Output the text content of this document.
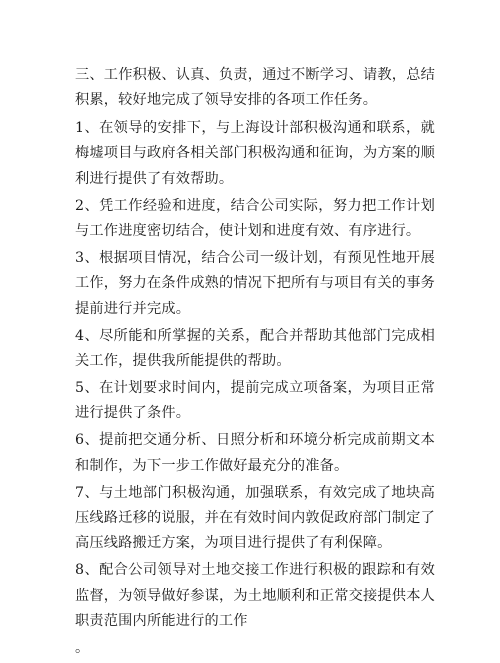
三、工作积极、认真、负责，通过不断学习、请教，总结积累，较好地完成了领导安排的各项工作任务。

1、在领导的安排下，与上海设计部积极沟通和联系，就梅墟项目与政府各相关部门积极沟通和征询，为方案的顺利进行提供了有效帮助。

2、凭工作经验和进度，结合公司实际，努力把工作计划与工作进度密切结合，使计划和进度有效、有序进行。

3、根据项目情况，结合公司一级计划，有预见性地开展工作，努力在条件成熟的情况下把所有与项目有关的事务提前进行并完成。

4、尽所能和所掌握的关系，配合并帮助其他部门完成相关工作，提供我所能提供的帮助。

5、在计划要求时间内，提前完成立项备案，为项目正常进行提供了条件。

6、提前把交通分析、日照分析和环境分析完成前期文本和制作，为下一步工作做好最充分的准备。

7、与土地部门积极沟通，加强联系，有效完成了地块高压线路迁移的说服，并在有效时间内敦促政府部门制定了高压线路搬迁方案，为项目进行提供了有利保障。

8、配合公司领导对土地交接工作进行积极的跟踪和有效监督，为领导做好参谋，为土地顺利和正常交接提供本人职责范围内所能进行的工作

。
